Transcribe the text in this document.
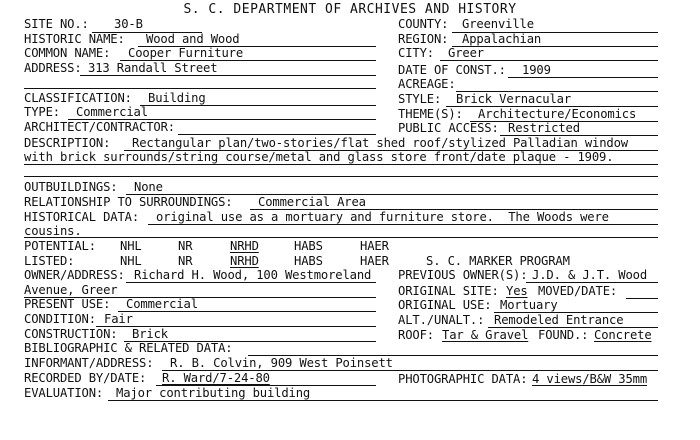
S. C. DEPARTMENT OF ARCHIVES AND HISTORY
SITE NO.: 30-B	COUNTY: Greenville
HISTORIC NAME: Wood and Wood	REGION: Appalachian
COMMON NAME: Cooper Furniture	CITY: Greer
ADDRESS: 313 Randall Street	DATE OF CONST.: 1909
ACREAGE:
CLASSIFICATION: Building	STYLE: Brick Vernacular
TYPE: Commercial	THEME(S): Architecture/Economics
ARCHITECT/CONTRACTOR:	PUBLIC ACCESS: Restricted
DESCRIPTION: Rectangular plan/two-stories/flat shed roof/stylized Palladian window
with brick surrounds/string course/metal and glass store front/date plaque - 1909.
OUTBUILDINGS: None
RELATIONSHIP TO SURROUNDINGS: Commercial Area
HISTORICAL DATA: original use as a mortuary and furniture store.  The Woods were
cousins.
POTENTIAL: NHL	NR	NRHD	HABS	HAER
LISTED:	NHL	NR	NRHD	HABS	HAER	S. C. MARKER PROGRAM
OWNER/ADDRESS: Richard H. Wood, 100 Westmoreland
Avenue, Greer
PREVIOUS OWNER(S): J.D. & J.T. Wood
ORIGINAL SITE: Yes MOVED/DATE:
PRESENT USE: Commercial	ORIGINAL USE: Mortuary
CONDITION: Fair	ALT./UNALT.: Remodeled Entrance
CONSTRUCTION: Brick	ROOF: Tar & Gravel FOUND.: Concrete
BIBLIOGRAPHIC & RELATED DATA:
INFORMANT/ADDRESS: R. B. Colvin, 909 West Poinsett
RECORDED BY/DATE: R. Ward/7-24-80	PHOTOGRAPHIC DATA: 4 views/B&W 35mm
EVALUATION: Major contributing building
